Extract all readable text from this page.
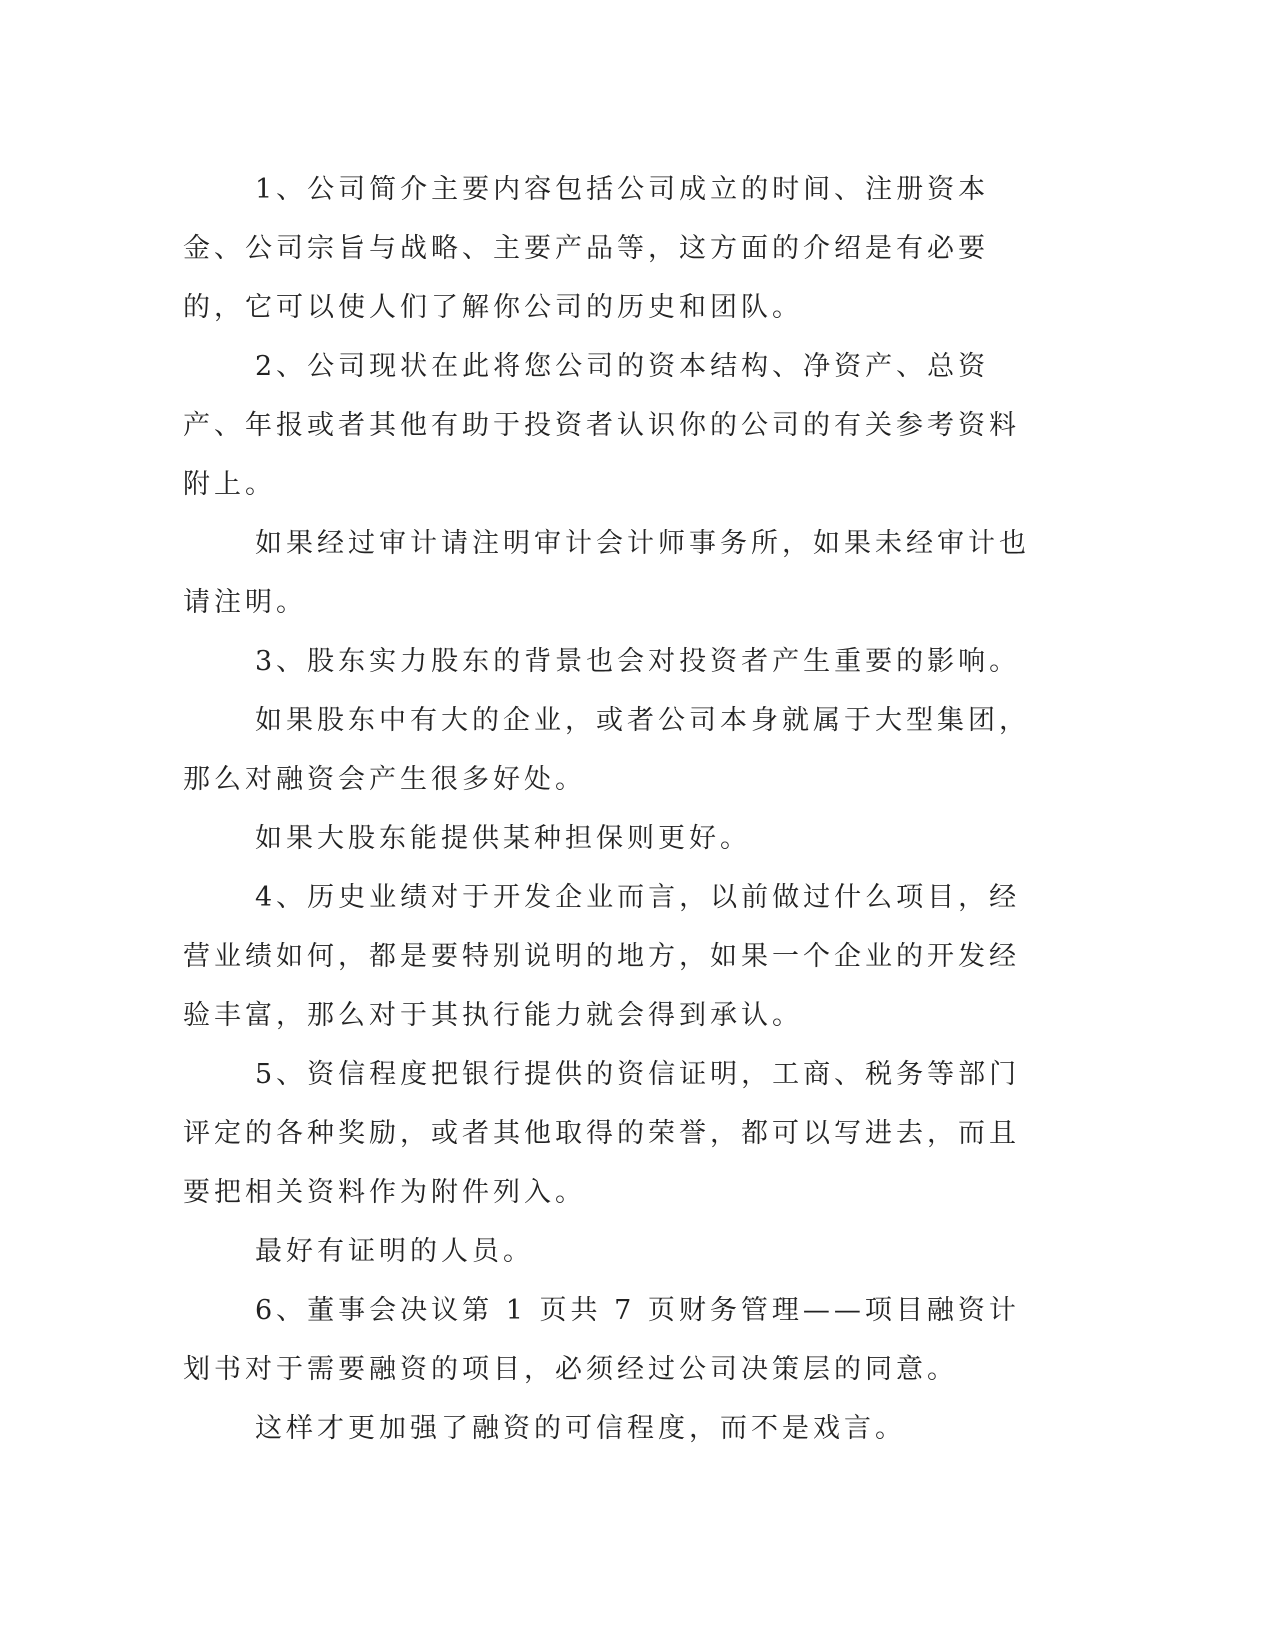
1、公司简介主要内容包括公司成立的时间、注册资本金、公司宗旨与战略、主要产品等，这方面的介绍是有必要的，它可以使人们了解你公司的历史和团队。

2、公司现状在此将您公司的资本结构、净资产、总资产、年报或者其他有助于投资者认识你的公司的有关参考资料附上。

如果经过审计请注明审计会计师事务所，如果未经审计也请注明。

3、股东实力股东的背景也会对投资者产生重要的影响。

如果股东中有大的企业，或者公司本身就属于大型集团，那么对融资会产生很多好处。

如果大股东能提供某种担保则更好。

4、历史业绩对于开发企业而言，以前做过什么项目，经营业绩如何，都是要特别说明的地方，如果一个企业的开发经验丰富，那么对于其执行能力就会得到承认。

5、资信程度把银行提供的资信证明，工商、税务等部门评定的各种奖励，或者其他取得的荣誉，都可以写进去，而且要把相关资料作为附件列入。

最好有证明的人员。

6、董事会决议第 1 页共 7 页财务管理——项目融资计划书对于需要融资的项目，必须经过公司决策层的同意。

这样才更加强了融资的可信程度，而不是戏言。
